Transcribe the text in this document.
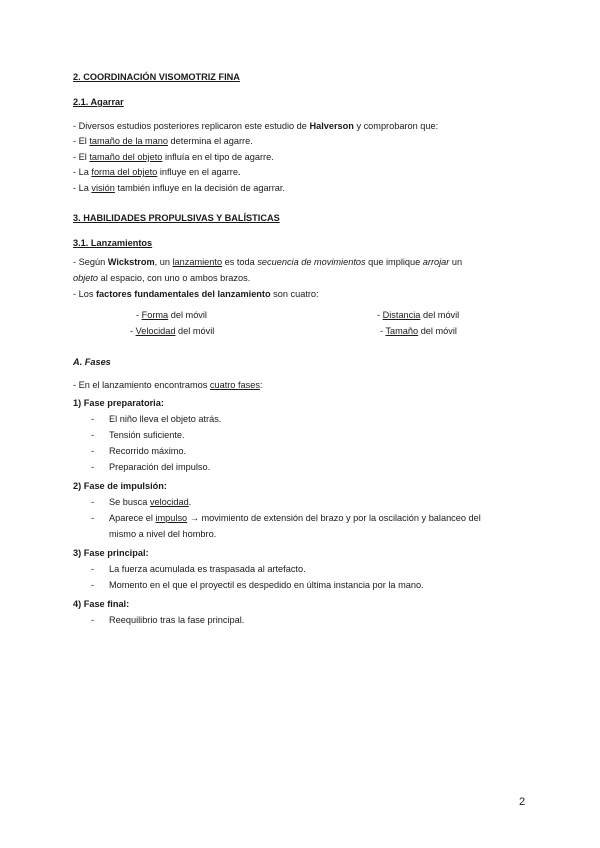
2. COORDINACIÓN VISOMOTRIZ FINA
2.1. Agarrar
- Diversos estudios posteriores replicaron este estudio de Halverson y comprobaron que:
- El tamaño de la mano determina el agarre.
- El tamaño del objeto influía en el tipo de agarre.
- La forma del objeto influye en el agarre.
- La visión también influye en la decisión de agarrar.
3. HABILIDADES PROPULSIVAS Y BALÍSTICAS
3.1. Lanzamientos
- Según Wickstrom, un lanzamiento es toda secuencia de movimientos que implique arrojar un
objeto al espacio, con uno o ambos brazos.
- Los factores fundamentales del lanzamiento son cuatro:
- Forma del móvil	- Distancia del móvil
- Velocidad del móvil	- Tamaño del móvil
A. Fases
- En el lanzamiento encontramos cuatro fases:
1) Fase preparatoria:
- El niño lleva el objeto atrás.
- Tensión suficiente.
- Recorrido máximo.
- Preparación del impulso.
2) Fase de impulsión:
- Se busca velocidad.
- Aparece el impulso → movimiento de extensión del brazo y por la oscilación y balanceo del
mismo a nivel del hombro.
3) Fase principal:
- La fuerza acumulada es traspasada al artefacto.
- Momento en el que el proyectil es despedido en última instancia por la mano.
4) Fase final:
- Reequilibrio tras la fase principal.
2
